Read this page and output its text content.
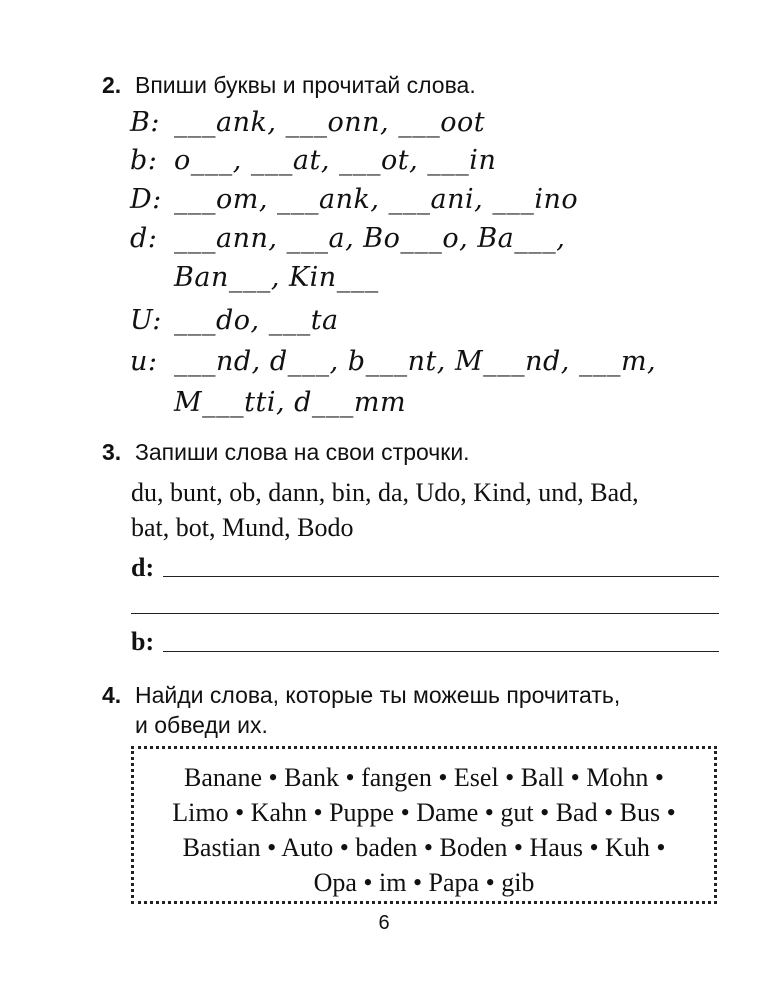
2. Впиши буквы и прочитай слова.
B: ___ank, ___onn, ___oot
b: o___, ___at, ___ot, ___in
D: ___om, ___ank, ___ani, ___ino
d: ___ann, ___a, Bo___o, Ba___,
Ban___, Kin___
U: ___do, ___ta
u: ___nd, d___, b___nt, M___nd, ___m,
M___tti, d___mm
3. Запиши слова на свои строчки.
du, bunt, ob, dann, bin, da, Udo, Kind, und, Bad,
bat, bot, Mund, Bodo
d:
b:
4. Найди слова, которые ты можешь прочитать,
и обведи их.
Banane • Bank • fangen • Esel • Ball • Mohn •
Limo • Kahn • Puppe • Dame • gut • Bad • Bus •
Bastian • Auto • baden • Boden • Haus • Kuh •
Opa • im • Papa • gib
6
